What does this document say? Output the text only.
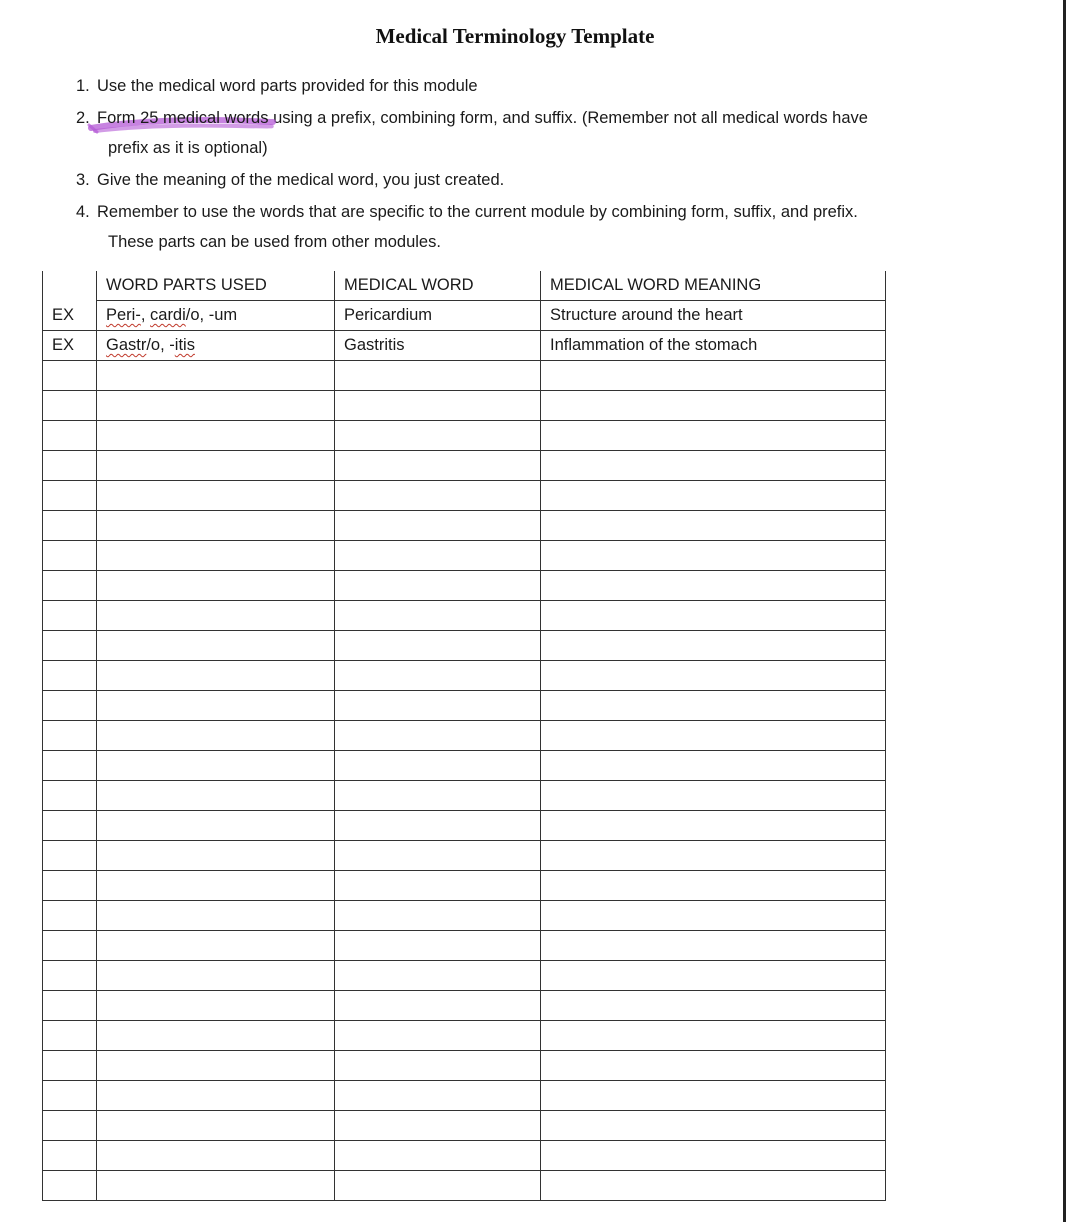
Medical Terminology Template
1. Use the medical word parts provided for this module
2. Form 25 medical words using a prefix, combining form, and suffix. (Remember not all medical words have
prefix as it is optional)
3. Give the meaning of the medical word, you just created.
4. Remember to use the words that are specific to the current module by combining form, suffix, and prefix.
These parts can be used from other modules.
	WORD PARTS USED	MEDICAL WORD	MEDICAL WORD MEANING
EX	Peri-, cardi/o, -um	Pericardium	Structure around the heart
EX	Gastr/o, -itis	Gastritis	Inflammation of the stomach
